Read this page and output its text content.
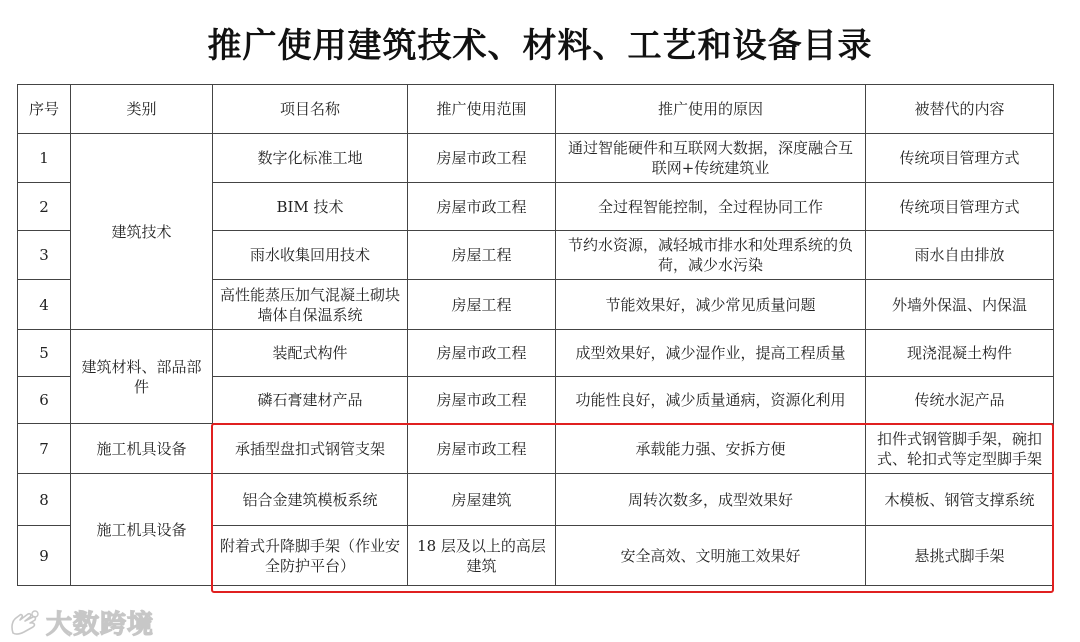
推广使用建筑技术、材料、工艺和设备目录
序号	类别	项目名称	推广使用范围	推广使用的原因	被替代的内容
1	建筑技术	数字化标准工地	房屋市政工程	通过智能硬件和互联网大数据，深度融合互联网+传统建筑业	传统项目管理方式
2		BIM 技术	房屋市政工程	全过程智能控制，全过程协同工作	传统项目管理方式
3		雨水收集回用技术	房屋工程	节约水资源，减轻城市排水和处理系统的负荷，减少水污染	雨水自由排放
4		高性能蒸压加气混凝土砌块墙体自保温系统	房屋工程	节能效果好，减少常见质量问题	外墙外保温、内保温
5	建筑材料、部品部件	装配式构件	房屋市政工程	成型效果好，减少湿作业，提高工程质量	现浇混凝土构件
6		磷石膏建材产品	房屋市政工程	功能性良好，减少质量通病，资源化利用	传统水泥产品
7	施工机具设备	承插型盘扣式钢管支架	房屋市政工程	承载能力强、安拆方便	扣件式钢管脚手架，碗扣式、轮扣式等定型脚手架
8	施工机具设备	铝合金建筑模板系统	房屋建筑	周转次数多，成型效果好	木模板、钢管支撑系统
9		附着式升降脚手架（作业安全防护平台）	18 层及以上的高层建筑	安全高效、文明施工效果好	悬挑式脚手架
大数跨境
